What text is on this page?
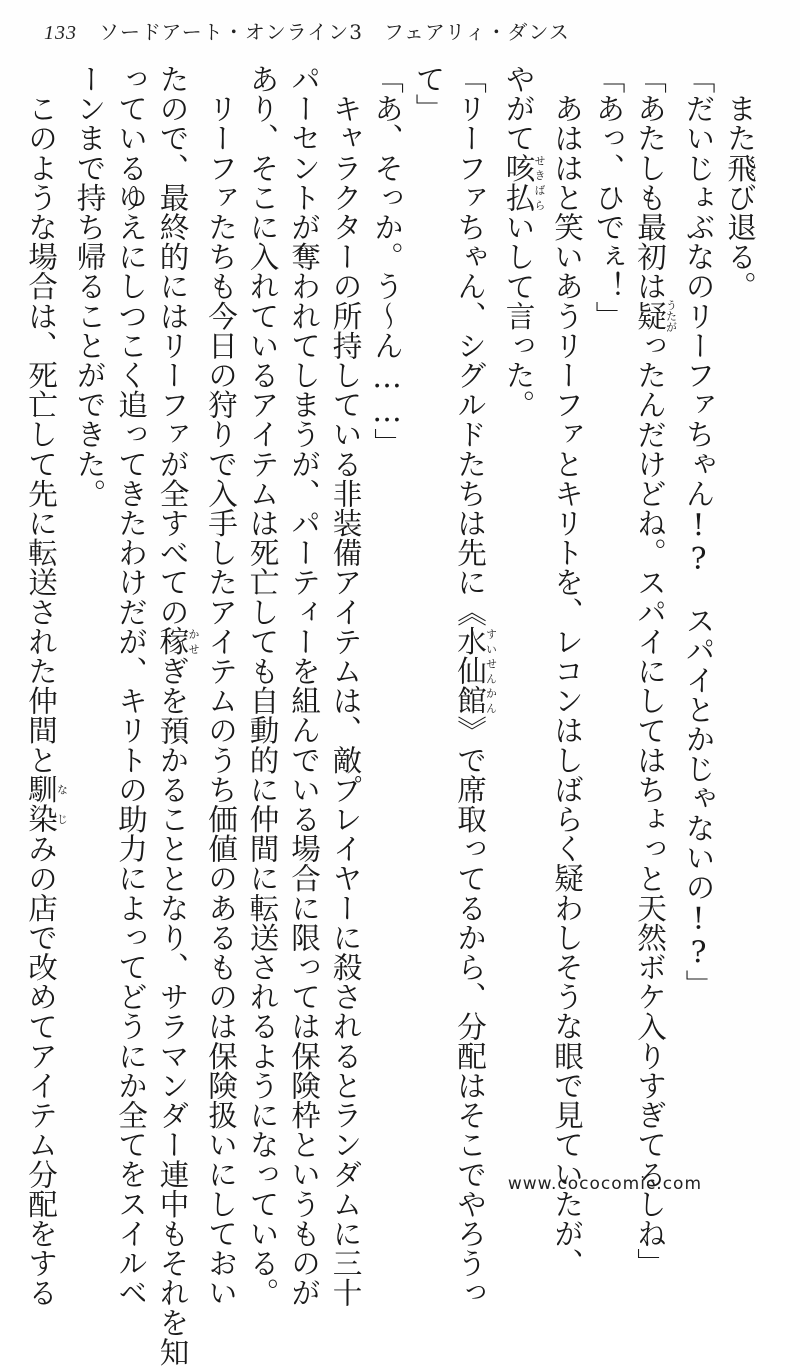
133 ソードアート・オンライン3　フェアリィ・ダンス
　また飛び退る。
「だいじょぶなのリーファちゃん!?　スパイとかじゃないの!?」
「あたしも最初は疑うたがったんだけどね。スパイにしてはちょっと天然ボケ入りすぎてるしね」
「あっ、ひでぇ！」
　あははと笑いあうリーファとキリトを、レコンはしばらく疑わしそうな眼で見ていたが、
やがて咳払せきばらいして言った。
「リーファちゃん、シグルドたちは先に《水仙館すいせんかん》で席取ってるから、分配はそこでやろうっ
て」
「あ、そっか。う～ん……」
　キャラクターの所持している非装備アイテムは、敵プレイヤーに殺されるとランダムに三十
パーセントが奪われてしまうが、パーティーを組んでいる場合に限っては保険枠というものが
あり、そこに入れているアイテムは死亡しても自動的に仲間に転送されるようになっている。
　リーファたちも今日の狩りで入手したアイテムのうち価値のあるものは保険扱いにしておい
たので、最終的にはリーファが全すべての稼かせぎを預かることとなり、サラマンダー連中もそれを知
っているゆえにしつこく追ってきたわけだが、キリトの助力によってどうにか全てをスイルベ
ーンまで持ち帰ることができた。
　このような場合は、死亡して先に転送された仲間と馴染なじみの店で改めてアイテム分配をする	www.cococomic.com
